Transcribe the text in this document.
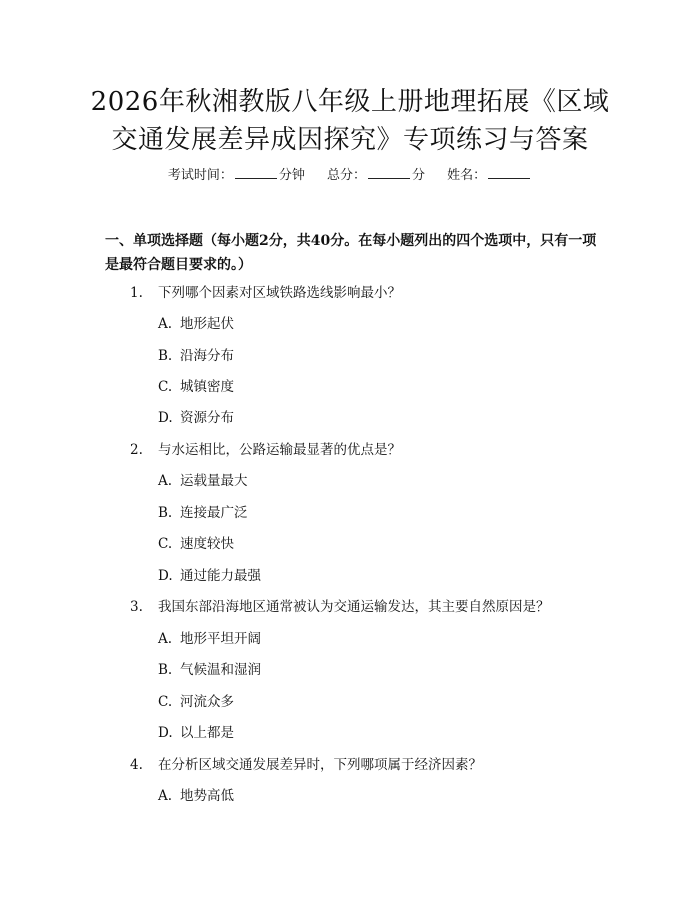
2026年秋湘教版八年级上册地理拓展《区域
交通发展差异成因探究》专项练习与答案
考试时间：	分钟 总分：	分 姓名：

一、单项选择题（每小题2分，共40分。在每小题列出的四个选项中，只有一项

是最符合题目要求的。）

1. 下列哪个因素对区域铁路选线影响最小？
A. 地形起伏
B. 沿海分布
C. 城镇密度
D. 资源分布
2. 与水运相比，公路运输最显著的优点是？
A. 运载量最大
B. 连接最广泛
C. 速度较快
D. 通过能力最强
3. 我国东部沿海地区通常被认为交通运输发达，其主要自然原因是？
A. 地形平坦开阔
B. 气候温和湿润
C. 河流众多
D. 以上都是
4. 在分析区域交通发展差异时，下列哪项属于经济因素？
A. 地势高低
